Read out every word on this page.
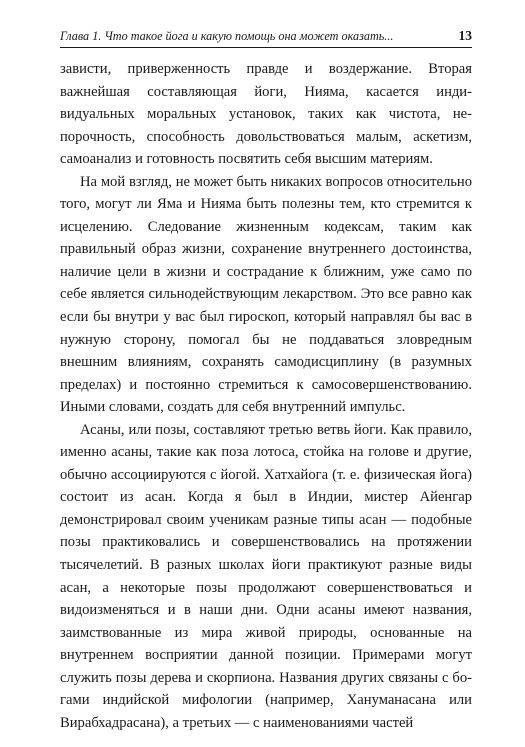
Глава 1. Что такое йога и какую помощь она может оказать...	13

зависти, приверженность правде и воздержание. Вторая важнейшая составляющая йоги, Нияма, касается индивидуальных моральных установок, таких как чистота, непорочность, способность довольствоваться малым, аскетизм, самоанализ и готовность посвятить себя высшим материям.

На мой взгляд, не может быть никаких вопросов относительно того, могут ли Яма и Нияма быть полезны тем, кто стремится к исцелению. Следование жизненным кодексам, таким как правильный образ жизни, сохранение внутреннего достоинства, наличие цели в жизни и сострадание к ближним, уже само по себе является сильнодействующим лекарством. Это все равно как если бы внутри у вас был гироскоп, который направлял бы вас в нужную сторону, помогал бы не поддаваться зловредным внешним влияниям, сохранять самодисциплину (в разумных пределах) и постоянно стремиться к самосовершенствованию. Иными словами, создать для себя внутренний импульс.

Асаны, или позы, составляют третью ветвь йоги. Как правило, именно асаны, такие как поза лотоса, стойка на голове и другие, обычно ассоциируются с йогой. Хатхайога (т. е. физическая йога) состоит из асан. Когда я был в Индии, мистер Айенгар демонстрировал своим ученикам разные типы асан — подобные позы практиковались и совершенствовались на протяжении тысячелетий. В разных школах йоги практикуют разные виды асан, а некоторые позы продолжают совершенствоваться и видоизменяться и в наши дни. Одни асаны имеют названия, заимствованные из мира живой природы, основанные на внутреннем восприятии данной позиции. Примерами могут служить позы дерева и скорпиона. Названия других связаны с богами индийской мифологии (например, Хануманасана или Вирабхадрасана), а третьих — с наименованиями частей
